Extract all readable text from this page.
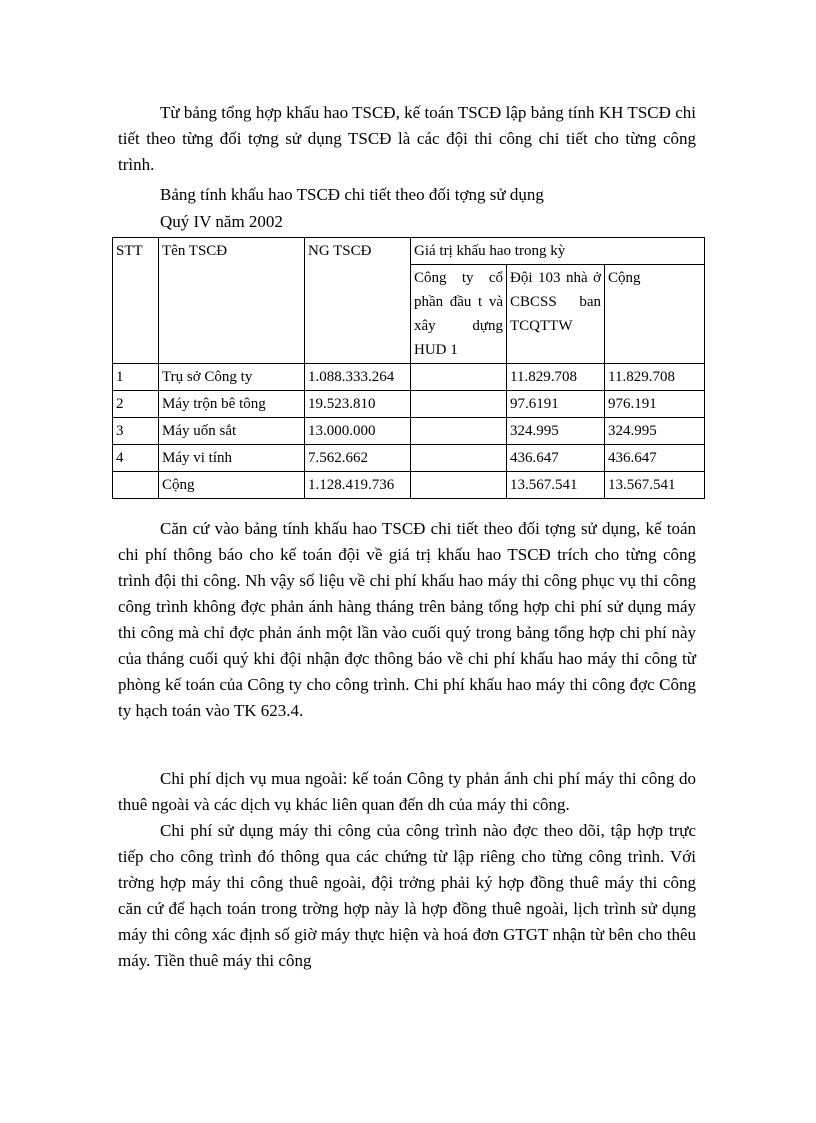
Từ bảng tổng hợp khấu hao TSCĐ, kế toán TSCĐ lập bảng tính KH TSCĐ chi tiết theo từng đối tợng sử dụng TSCĐ là các đội thi công chi tiết cho từng công trình.

Bảng tính khấu hao TSCĐ chi tiết theo đối tợng sử dụng

Quý IV năm 2002

STT	Tên TSCĐ	NG TSCĐ	Giá trị khấu hao trong kỳ		
			Công ty cổ phần đầu t và xây dựng HUD 1	Đội 103 nhà ở CBCSS ban TCQTTW	Cộng
1	Trụ sở Công ty	1.088.333.264		11.829.708	11.829.708
2	Máy trộn bê tông	19.523.810		97.6191	976.191
3	Máy uốn sắt	13.000.000		324.995	324.995
4	Máy vi tính	7.562.662		436.647	436.647
	Cộng	1.128.419.736		13.567.541	13.567.541

Căn cứ vào bảng tính khấu hao TSCĐ chi tiết theo đối tợng sử dụng, kế toán chi phí thông báo cho kế toán đội về giá trị khấu hao TSCĐ trích cho từng công trình đội thi công. Nh vậy số liệu về chi phí khấu hao máy thi công phục vụ thi công công trình không đợc phản ánh hàng tháng trên bảng tổng hợp chi phí sử dụng máy thi công mà chỉ đợc phản ánh một lần vào cuối quý trong bảng tổng hợp chi phí này của tháng cuối quý khi đội nhận đợc thông báo về chi phí khấu hao máy thi công từ phòng kế toán của Công ty cho công trình. Chi phí khấu hao máy thi công đợc Công ty hạch toán vào TK 623.4.

Chi phí dịch vụ mua ngoài: kế toán Công ty phản ánh chi phí máy thi công do thuê ngoài và các dịch vụ khác liên quan đến dh của máy thi công.

Chi phí sử dụng máy thi công của công trình nào đợc theo dõi, tập hợp trực tiếp cho công trình đó thông qua các chứng từ lập riêng cho từng công trình. Với trờng hợp máy thi công thuê ngoài, đội trởng phải ký hợp đồng thuê máy thi công căn cứ để hạch toán trong trờng hợp này là hợp đồng thuê ngoài, lịch trình sử dụng máy thi công xác định số giờ máy thực hiện và hoá đơn GTGT nhận từ bên cho thêu máy. Tiền thuê máy thi công
